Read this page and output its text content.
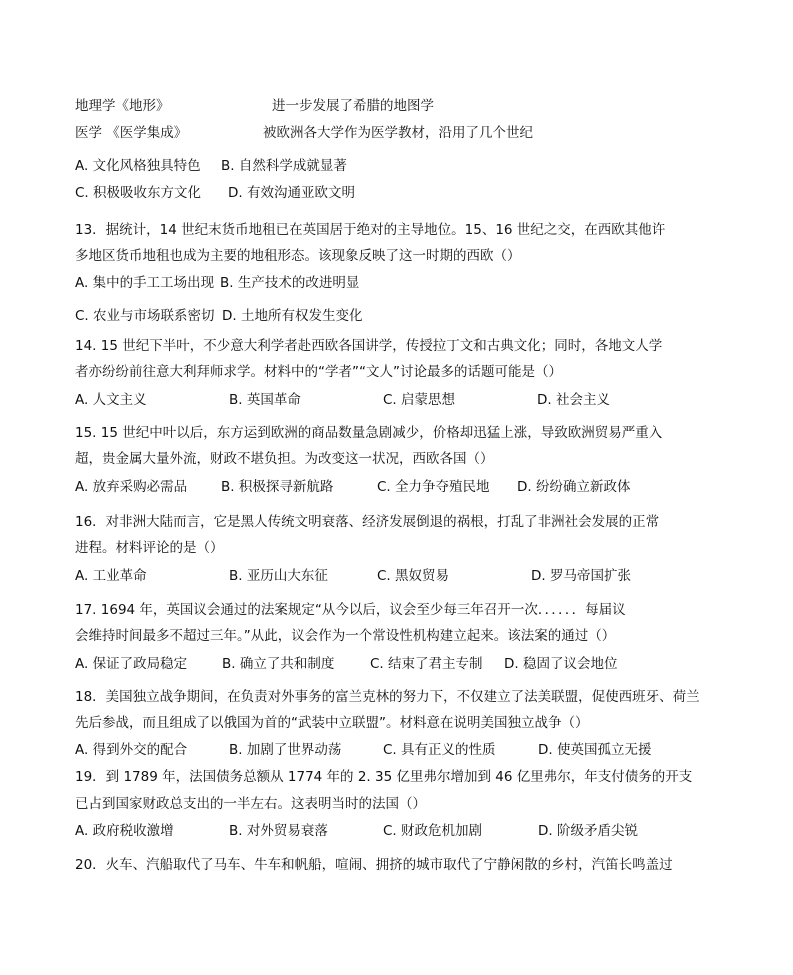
地理学《地形》	进一步发展了希腊的地图学
医学 《医学集成》	被欧洲各大学作为医学教材，沿用了几个世纪
A. 文化风格独具特色 B. 自然科学成就显著
C. 积极吸收东方文化 D. 有效沟通亚欧文明
13．据统计，14 世纪末货币地租已在英国居于绝对的主导地位。15、16 世纪之交，在西欧其他许
多地区货币地租也成为主要的地租形态。该现象反映了这一时期的西欧（）
A. 集中的手工工场出现 B. 生产技术的改进明显
C. 农业与市场联系密切 D. 土地所有权发生变化
14. 15 世纪下半叶，不少意大利学者赴西欧各国讲学，传授拉丁文和古典文化；同时，各地文人学
者亦纷纷前往意大利拜师求学。材料中的“学者”“文人”讨论最多的话题可能是（）
A. 人文主义	B. 英国革命	C. 启蒙思想	D. 社会主义
15. 15 世纪中叶以后，东方运到欧洲的商品数量急剧减少，价格却迅猛上涨，导致欧洲贸易严重入
超，贵金属大量外流，财政不堪负担。为改变这一状况，西欧各国（）
A. 放弃采购必需品	B. 积极探寻新航路	C. 全力争夺殖民地 D. 纷纷确立新政体
16．对非洲大陆而言，它是黑人传统文明衰落、经济发展倒退的祸根，打乱了非洲社会发展的正常
进程。材料评论的是（）
A. 工业革命	B. 亚历山大东征	C. 黑奴贸易	D. 罗马帝国扩张
17. 1694 年，英国议会通过的法案规定“从今以后，议会至少每三年召开一次．．．．．．每届议
会维持时间最多不超过三年。”从此，议会作为一个常设性机构建立起来。该法案的通过（）
A. 保证了政局稳定	B. 确立了共和制度	C. 结束了君主专制 D. 稳固了议会地位
18．美国独立战争期间，在负责对外事务的富兰克林的努力下，不仅建立了法美联盟，促使西班牙、荷兰
先后参战，而且组成了以俄国为首的“武装中立联盟”。材料意在说明美国独立战争（）
A. 得到外交的配合	B. 加剧了世界动荡	C. 具有正义的性质	D. 使英国孤立无援
19．到 1789 年，法国债务总额从 1774 年的 2. 35 亿里弗尔增加到 46 亿里弗尔，年支付债务的开支
已占到国家财政总支出的一半左右。这表明当时的法国（）
A. 政府税收激增	B. 对外贸易衰落	C. 财政危机加剧	D. 阶级矛盾尖锐
20．火车、汽船取代了马车、牛车和帆船，喧闹、拥挤的城市取代了宁静闲散的乡村，汽笛长鸣盖过
